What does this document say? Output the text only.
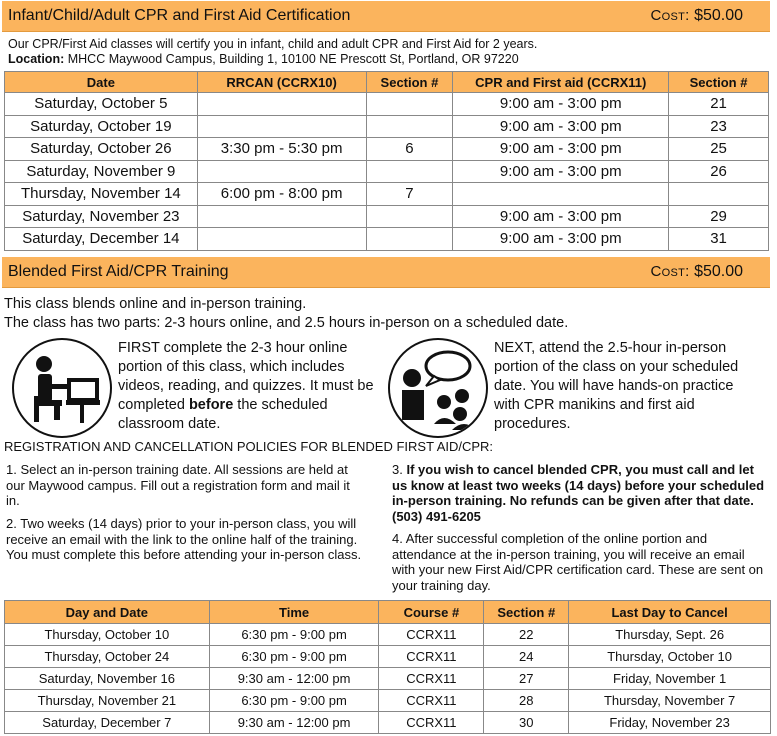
Infant/Child/Adult CPR and First Aid Certification	Cost: $50.00
Our CPR/First Aid classes will certify you in infant, child and adult CPR and First Aid for 2 years.
Location: MHCC Maywood Campus, Building 1, 10100 NE Prescott St, Portland, OR 97220
Date	RRCAN (CCRX10)	Section #	CPR and First aid (CCRX11)	Section #
Saturday, October 5			9:00 am - 3:00 pm	21
Saturday, October 19			9:00 am - 3:00 pm	23
Saturday, October 26	3:30 pm - 5:30 pm	6	9:00 am - 3:00 pm	25
Saturday, November 9			9:00 am - 3:00 pm	26
Thursday, November 14	6:00 pm - 8:00 pm	7		
Saturday, November 23			9:00 am - 3:00 pm	29
Saturday, December 14			9:00 am - 3:00 pm	31
Blended First Aid/CPR Training	Cost: $50.00
This class blends online and in-person training.
The class has two parts: 2-3 hours online, and 2.5 hours in-person on a scheduled date.
FIRST complete the 2-3 hour online portion of this class, which includes videos, reading, and quizzes. It must be completed before the scheduled classroom date.
NEXT, attend the 2.5-hour in-person portion of the class on your scheduled date. You will have hands-on practice with CPR manikins and first aid procedures.
REGISTRATION AND CANCELLATION POLICIES FOR BLENDED FIRST AID/CPR:
1. Select an in-person training date. All sessions are held at our Maywood campus. Fill out a registration form and mail it in.
2. Two weeks (14 days) prior to your in-person class, you will receive an email with the link to the online half of the training. You must complete this before attending your in-person class.
3. If you wish to cancel blended CPR, you must call and let us know at least two weeks (14 days) before your scheduled in-person training. No refunds can be given after that date. (503) 491-6205
4. After successful completion of the online portion and attendance at the in-person training, you will receive an email with your new First Aid/CPR certification card. These are sent on your training day.
Day and Date	Time	Course #	Section #	Last Day to Cancel
Thursday, October 10	6:30 pm - 9:00 pm	CCRX11	22	Thursday, Sept. 26
Thursday, October 24	6:30 pm - 9:00 pm	CCRX11	24	Thursday, October 10
Saturday, November 16	9:30 am - 12:00 pm	CCRX11	27	Friday, November 1
Thursday, November 21	6:30 pm - 9:00 pm	CCRX11	28	Thursday, November 7
Saturday, December 7	9:30 am - 12:00 pm	CCRX11	30	Friday, November 23
